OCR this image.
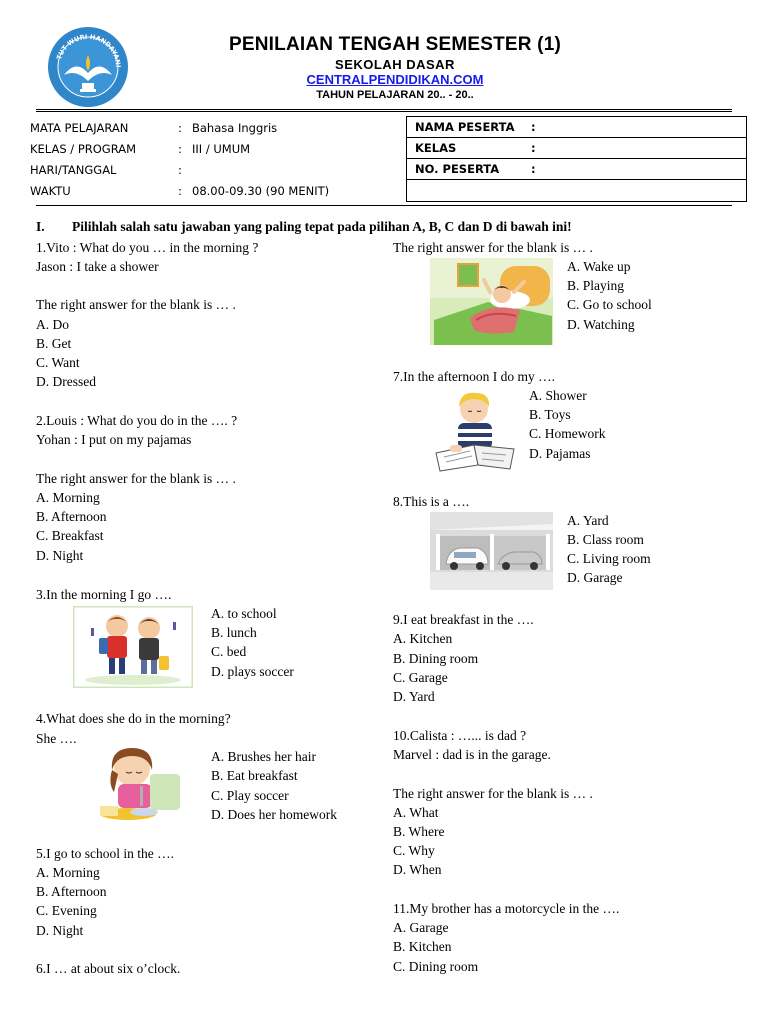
TUT WURI HANDAYANI
PENILAIAN TENGAH SEMESTER (1)
SEKOLAH DASAR
CENTRALPENDIDIKAN.COM
TAHUN PELAJARAN 20.. - 20..
MATA PELAJARAN	: Bahasa Inggris
KELAS / PROGRAM	: III / UMUM
HARI/TANGGAL	:
WAKTU	: 08.00-09.30 (90 MENIT)
NAMA PESERTA :
KELAS	:
NO. PESERTA	:
I. Pilihlah salah satu jawaban yang paling tepat pada pilihan A, B, C dan D di bawah ini!
1.Vito : What do you … in the morning ?
Jason : I take a shower
The right answer for the blank is … .
A. Do
B. Get
C. Want
D. Dressed
2.Louis : What do you do in the …. ?
Yohan : I put on my pajamas
The right answer for the blank is … .
A. Morning
B. Afternoon
C. Breakfast
D. Night
3.In the morning I go ….
A. to school
B. lunch
C. bed
D. plays soccer
4.What does she do in the morning?
She ….
A. Brushes her hair
B. Eat breakfast
C. Play soccer
D. Does her homework
5.I go to school in the ….
A. Morning
B. Afternoon
C. Evening
D. Night
6.I … at about six o’clock.
The right answer for the blank is … .
A. Wake up
B. Playing
C. Go to school
D. Watching
7.In the afternoon I do my ….
A. Shower
B. Toys
C. Homework
D. Pajamas
8.This is a ….
A. Yard
B. Class room
C. Living room
D. Garage
9.I eat breakfast in the ….
A. Kitchen
B. Dining room
C. Garage
D. Yard
10.Calista : …... is dad ?
Marvel : dad is in the garage.
The right answer for the blank is … .
A. What
B. Where
C. Why
D. When
11.My brother has a motorcycle in the ….
A. Garage
B. Kitchen
C. Dining room
